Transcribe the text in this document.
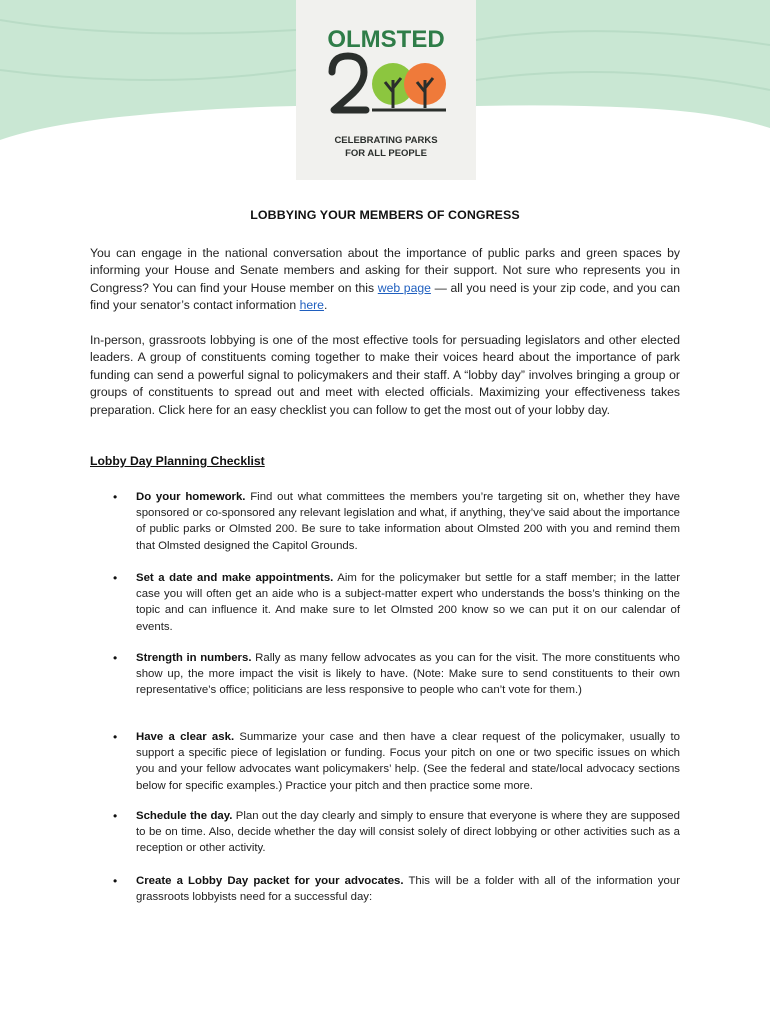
OLMSTED
CELEBRATING PARKS
FOR ALL PEOPLE
LOBBYING YOUR MEMBERS OF CONGRESS
You can engage in the national conversation about the importance of public parks and green spaces by informing your House and Senate members and asking for their support. Not sure who represents you in Congress? You can find your House member on this web page — all you need is your zip code, and you can find your senator’s contact information here.
In-person, grassroots lobbying is one of the most effective tools for persuading legislators and other elected leaders. A group of constituents coming together to make their voices heard about the importance of park funding can send a powerful signal to policymakers and their staff. A “lobby day” involves bringing a group or groups of constituents to spread out and meet with elected officials. Maximizing your effectiveness takes preparation. Click here for an easy checklist you can follow to get the most out of your lobby day.
Lobby Day Planning Checklist
• Do your homework. Find out what committees the members you’re targeting sit on, whether they have sponsored or co-sponsored any relevant legislation and what, if anything, they’ve said about the importance of public parks or Olmsted 200. Be sure to take information about Olmsted 200 with you and remind them that Olmsted designed the Capitol Grounds.
• Set a date and make appointments. Aim for the policymaker but settle for a staff member; in the latter case you will often get an aide who is a subject-matter expert who understands the boss’s thinking on the topic and can influence it. And make sure to let Olmsted 200 know so we can put it on our calendar of events.
• Strength in numbers. Rally as many fellow advocates as you can for the visit. The more constituents who show up, the more impact the visit is likely to have. (Note: Make sure to send constituents to their own representative’s office; politicians are less responsive to people who can’t vote for them.)
• Have a clear ask. Summarize your case and then have a clear request of the policymaker, usually to support a specific piece of legislation or funding. Focus your pitch on one or two specific issues on which you and your fellow advocates want policymakers’ help. (See the federal and state/local advocacy sections below for specific examples.) Practice your pitch and then practice some more.
• Schedule the day. Plan out the day clearly and simply to ensure that everyone is where they are supposed to be on time. Also, decide whether the day will consist solely of direct lobbying or other activities such as a reception or other activity.
• Create a Lobby Day packet for your advocates. This will be a folder with all of the information your grassroots lobbyists need for a successful day:
